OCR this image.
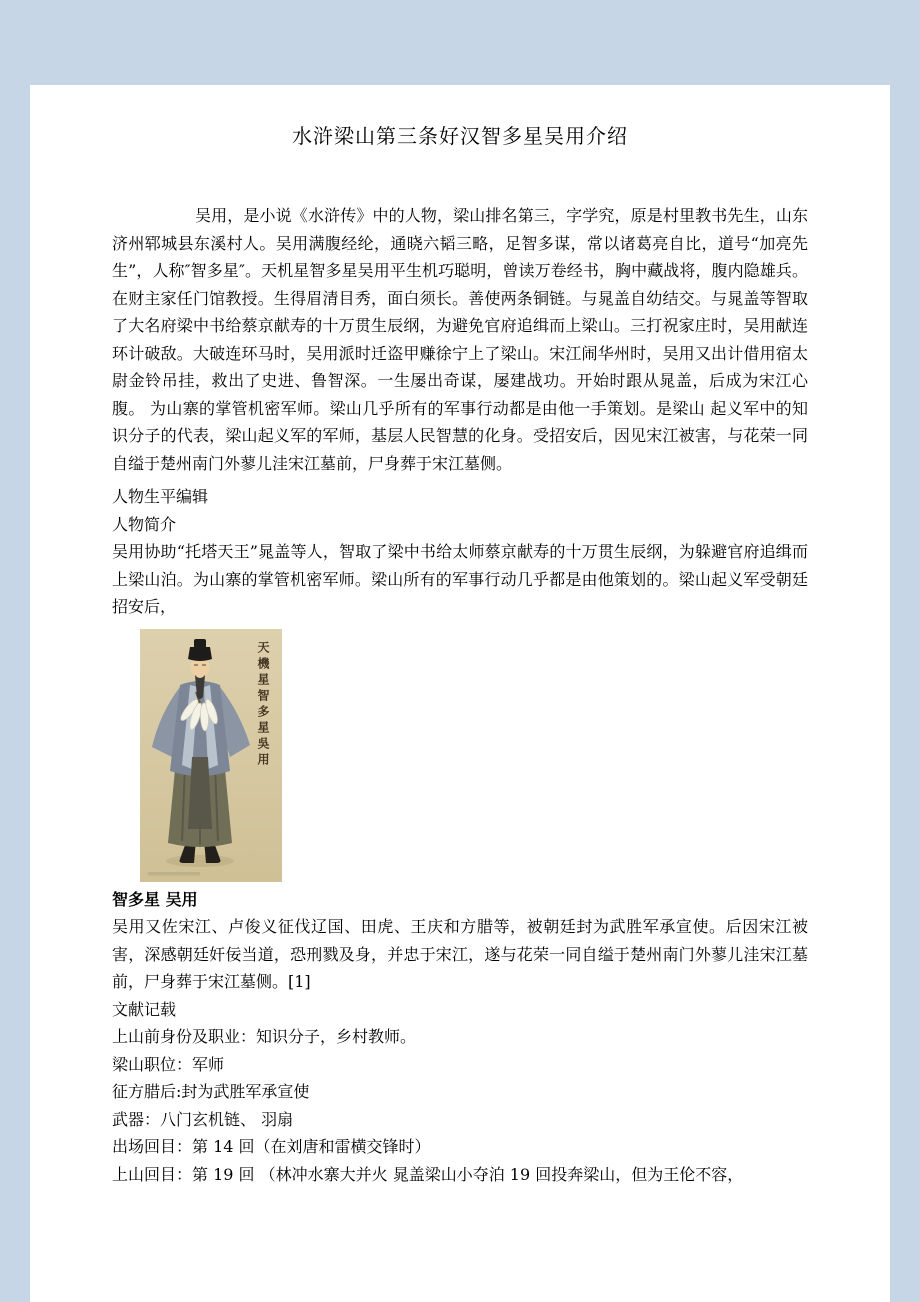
水浒梁山第三条好汉智多星吴用介绍

吴用，是小说《水浒传》中的人物，梁山排名第三，字学究，原是村里教书先生，山东济州郓城县东溪村人。吴用满腹经纶，通晓六韬三略，足智多谋，常以诸葛亮自比，道号“加亮先生”，人称″智多星″。天机星智多星吴用平生机巧聪明，曾读万卷经书，胸中藏战将，腹内隐雄兵。在财主家任门馆教授。生得眉清目秀，面白须长。善使两条铜链。与晁盖自幼结交。与晁盖等智取了大名府梁中书给蔡京献寿的十万贯生辰纲，为避免官府追缉而上梁山。三打祝家庄时，吴用献连环计破敌。大破连环马时，吴用派时迁盗甲赚徐宁上了梁山。宋江闹华州时，吴用又出计借用宿太尉金铃吊挂，救出了史进、鲁智深。一生屡出奇谋，屡建战功。开始时跟从晁盖，后成为宋江心腹。 为山寨的掌管机密军师。梁山几乎所有的军事行动都是由他一手策划。是梁山 起义军中的知识分子的代表，梁山起义军的军师，基层人民智慧的化身。受招安后，因见宋江被害，与花荣一同自缢于楚州南门外蓼儿洼宋江墓前，尸身葬于宋江墓侧。

人物生平编辑

人物简介

吴用协助“托塔天王”晁盖等人，智取了梁中书给太师蔡京献寿的十万贯生辰纲，为躲避官府追缉而上梁山泊。为山寨的掌管机密军师。梁山所有的军事行动几乎都是由他策划的。梁山起义军受朝廷招安后，

天機星智多星吳用

智多星 吴用

吴用又佐宋江、卢俊义征伐辽国、田虎、王庆和方腊等，被朝廷封为武胜军承宣使。后因宋江被害，深感朝廷奸佞当道，恐刑戮及身，并忠于宋江，遂与花荣一同自缢于楚州南门外蓼儿洼宋江墓前，尸身葬于宋江墓侧。[1]

文献记载

上山前身份及职业：知识分子，乡村教师。

梁山职位：军师

征方腊后:封为武胜军承宣使

武器：八门玄机链、 羽扇

出场回目：第 14 回（在刘唐和雷横交锋时）

上山回目：第 19 回 （林冲水寨大并火 晁盖梁山小夺泊 19 回投奔梁山，但为王伦不容，
